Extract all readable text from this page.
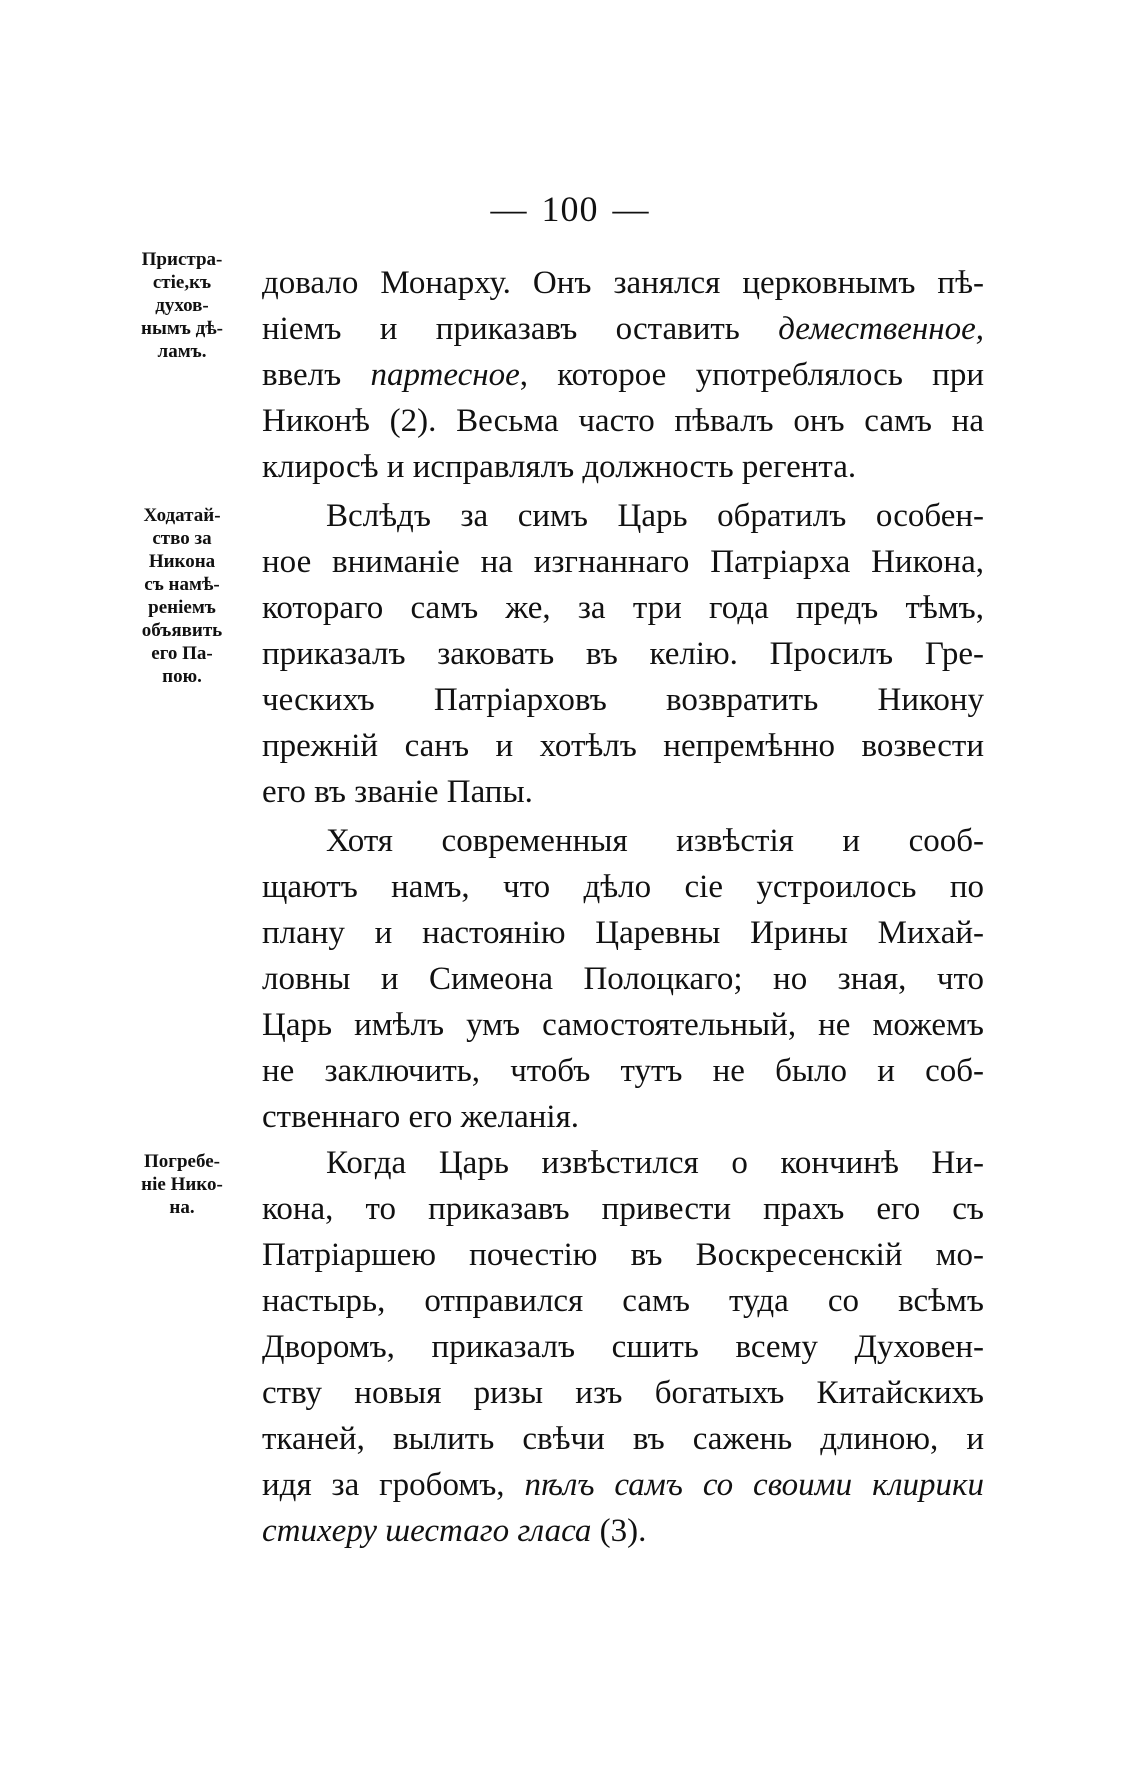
— 100 —
Пристра-
стіе,къ
духов-
нымъ дѣ-
ламъ.
Ходатай-
ство за
Никона
съ намѣ-
реніемъ
объявить
его Па-
пою.
Погребе-
ніе Нико-
на.
довало Монарху. Онъ занялся церковнымъ пѣ-
ніемъ и приказавъ оставить демественное,
ввелъ партесное, которое употреблялось при
Никонѣ (2). Весьма часто пѣвалъ онъ самъ на
клиросѣ и исправлялъ должность регента.
Вслѣдъ за симъ Царь обратилъ особен-
ное вниманіе на изгнаннаго Патріарха Никона,
котораго самъ же, за три года предъ тѣмъ,
приказалъ заковать въ келію. Просилъ Гре-
ческихъ Патріарховъ возвратить Никону
прежній санъ и хотѣлъ непремѣнно возвести
его въ званіе Папы.
Хотя современныя извѣстія и сооб-
щаютъ намъ, что дѣло сіе устроилось по
плану и настоянію Царевны Ирины Михай-
ловны и Симеона Полоцкаго; но зная, что
Царь имѣлъ умъ самостоятельный, не можемъ
не заключить, чтобъ тутъ не было и соб-
ственнаго его желанія.
Когда Царь извѣстился о кончинѣ Ни-
кона, то приказавъ привести прахъ его съ
Патріаршею почестію въ Воскресенскій мо-
настырь, отправился самъ туда со всѣмъ
Дворомъ, приказалъ сшить всему Духовен-
ству новыя ризы изъ богатыхъ Китайскихъ
тканей, вылить свѣчи въ сажень длиною, и
идя за гробомъ, пѣлъ самъ со своими клирики
стихеру шестаго гласа (3).
